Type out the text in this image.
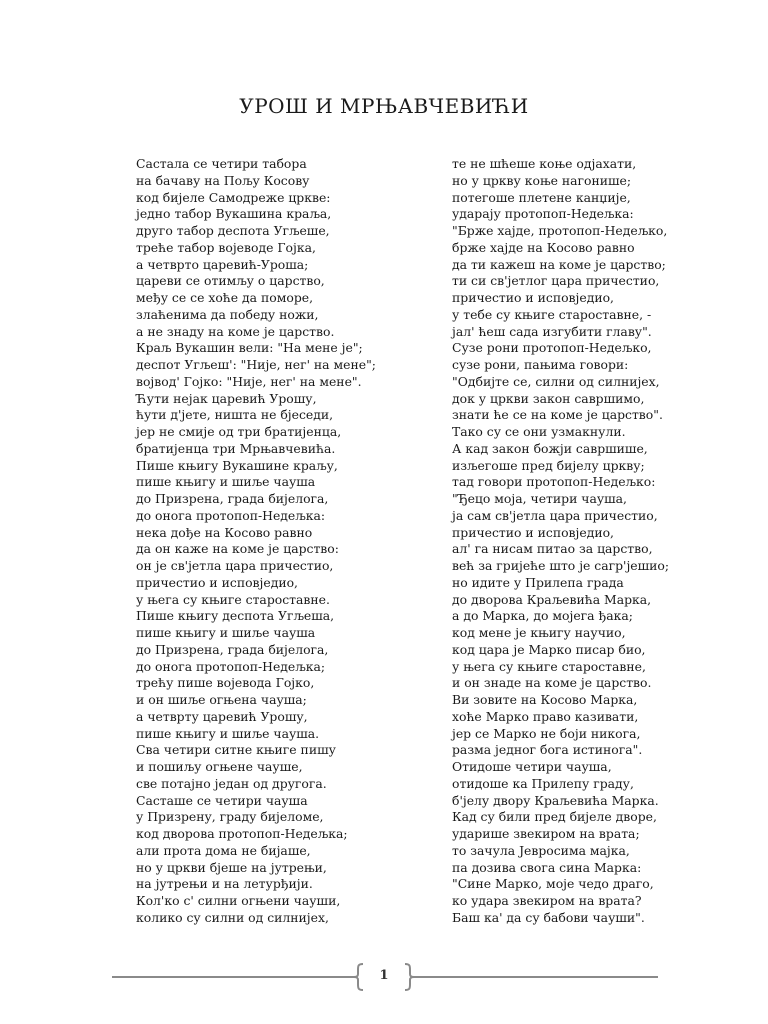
УРОШ И МРЊАВЧЕВИЋИ
Састала се четири табора
на бачаву на Пољу Косову
код бијеле Самодреже цркве:
једно табор Вукашина краља,
друго табор деспота Угљеше,
треће табор војеводе Гојка,
а четврто царевић-Уроша;
цареви се отимљу о царство,
међу се се хоће да поморе,
злаћенима да победу ножи,
а не знаду на коме је царство.
Краљ Вукашин вели: "На мене је";
деспот Угљеш': "Није, нег' на мене";
војвод' Гојко: "Није, нег' на мене".
Ћути нејак царевић Урошу,
ћути д'јете, ништа не бјеседи,
јер не смије од три братијенца,
братијенца три Мрњавчевића.
Пише књигу Вукашине краљу,
пише књигу и шиље чауша
до Призрена, града бијелога,
до онога протопоп-Недељка:
нека дође на Косово равно
да он каже на коме је царство:
он је св'јетла цара причестио,
причестио и исповједио,
у њега су књиге староставне.
Пише књигу деспота Угљеша,
пише књигу и шиље чауша
до Призрена, града бијелога,
до онога протопоп-Недељка;
трећу пише војевода Гојко,
и он шиље огњена чауша;
а четврту царевић Урошу,
пише књигу и шиље чауша.
Сва четири ситне књиге пишу
и пошиљу огњене чауше,
све потајно један од другога.
Састаше се четири чауша
у Призрену, граду бијеломе,
код дворова протопоп-Недељка;
али прота дома не бијаше,
но у цркви бјеше на јутрењи,
на јутрењи и на летурђији.
Кол'ко с' силни огњени чауши,
колико су силни од силнијех,
те не шћеше коње одјахати,
но у цркву коње нагонише;
потегоше плетене канџије,
ударају протопоп-Недељка:
"Брже хајде, протопоп-Недељко,
брже хајде на Косово равно
да ти кажеш на коме је царство;
ти си св'јетлог цара причестио,
причестио и исповједио,
у тебе су књиге староставне, -
јал' ћеш сада изгубити главу".
Сузе рони протопоп-Недељко,
сузе рони, пањима говори:
"Одбијте се, силни од силнијех,
док у цркви закон савршимо,
знати ће се на коме је царство".
Тако су се они узмакнули.
А кад закон божји савршише,
изљегоше пред бијелу цркву;
тад говори протопоп-Недељко:
"Ђецо моја, четири чауша,
ја сам св'јетла цара причестио,
причестио и исповједио,
ал' га нисам питао за царство,
већ за гријеће што је сагр'јешио;
но идите у Прилепа града
до дворова Краљевића Марка,
а до Марка, до мојега ђака;
код мене је књигу научио,
код цара је Марко писар био,
у њега су књиге староставне,
и он знаде на коме је царство.
Ви зовите на Косово Марка,
хоће Марко право казивати,
јер се Марко не боји никога,
разма једног бога истинога".
Отидоше четири чауша,
отидоше ка Прилепу граду,
б'јелу двору Краљевића Марка.
Кад су били пред бијеле дворе,
ударише звекиром на врата;
то зачула Јевросима мајка,
па дозива свога сина Марка:
"Сине Марко, моје чедо драго,
ко удара звекиром на врата?
Баш ка' да су бабови чауши".
1
